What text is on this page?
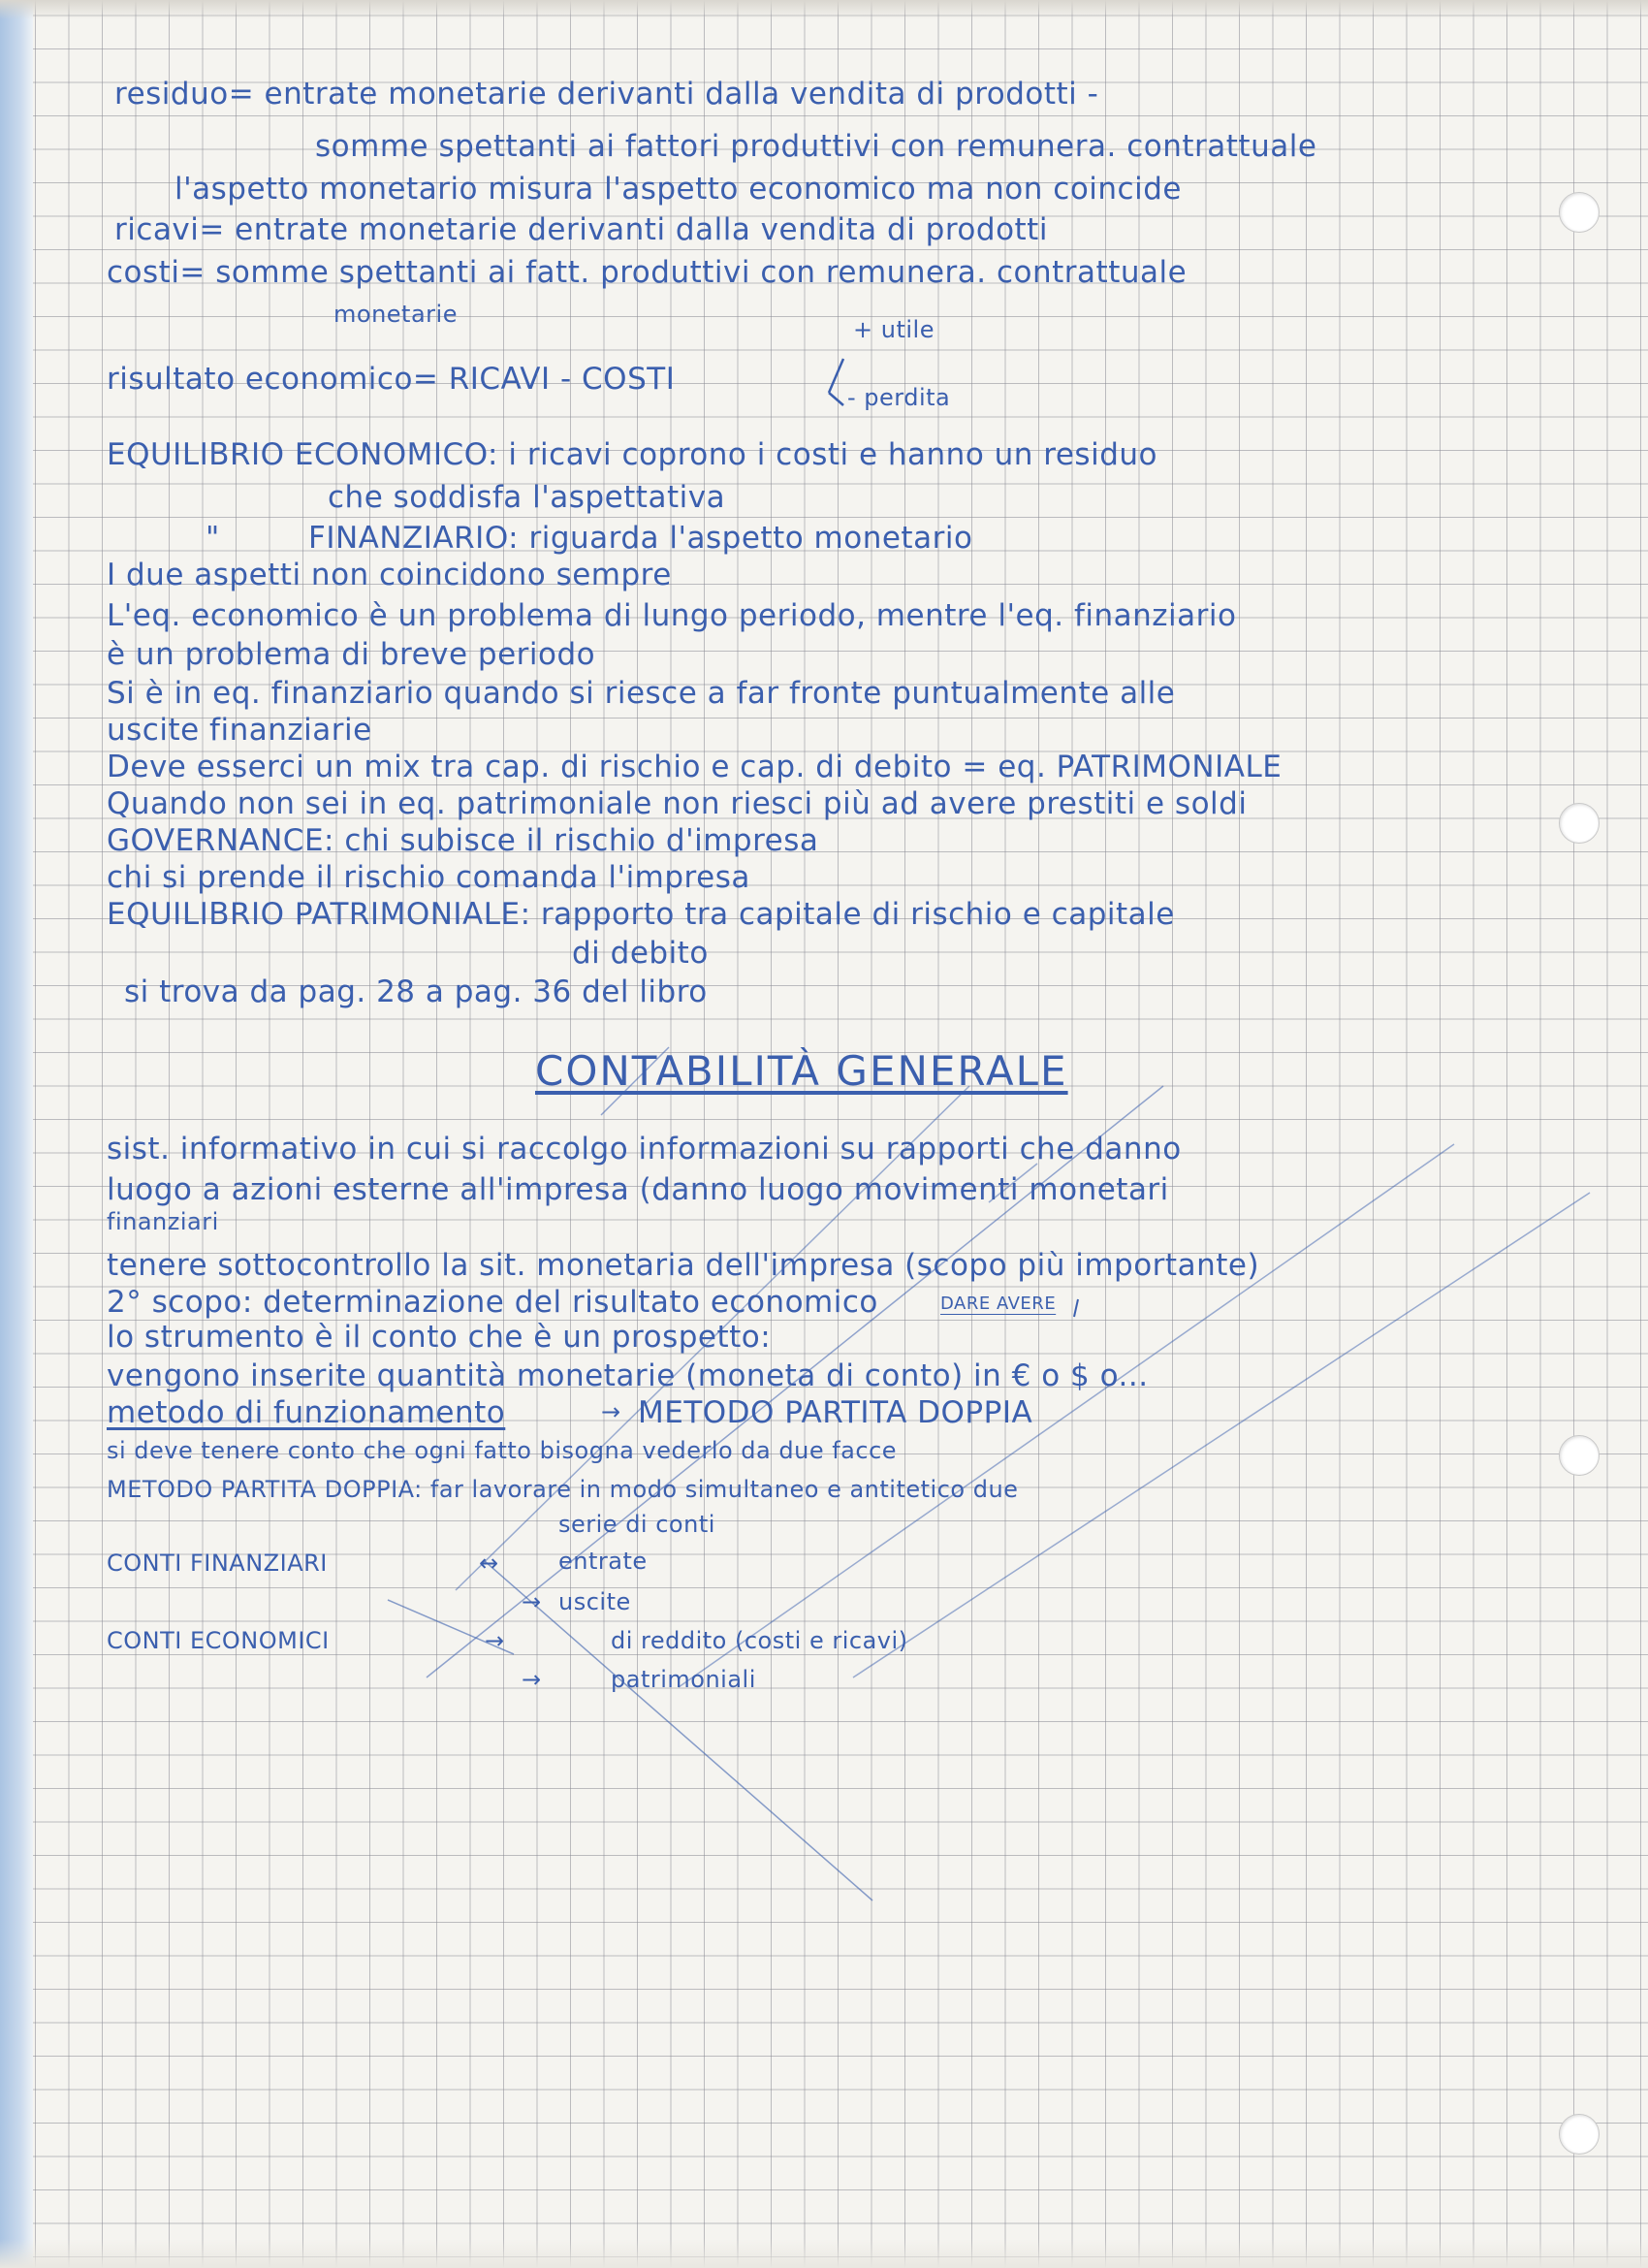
residuo= entrate monetarie derivanti dalla vendita di prodotti -
somme spettanti ai fattori produttivi con remunera. contrattuale
l'aspetto monetario misura l'aspetto economico ma non coincide
ricavi= entrate monetarie derivanti dalla vendita di prodotti
costi= somme spettanti ai fatt. produttivi con remunera. contrattuale
monetarie
+ utile
risultato economico= RICAVI - COSTI
- perdita
EQUILIBRIO ECONOMICO: i ricavi coprono i costi e hanno un residuo
che soddisfa l'aspettativa
"	FINANZIARIO: riguarda l'aspetto monetario
I due aspetti non coincidono sempre
L'eq. economico è un problema di lungo periodo, mentre l'eq. finanziario
è un problema di breve periodo
Si è in eq. finanziario quando si riesce a far fronte puntualmente alle
uscite finanziarie
Deve esserci un mix tra cap. di rischio e cap. di debito = eq. PATRIMONIALE
Quando non sei in eq. patrimoniale non riesci più ad avere prestiti e soldi
GOVERNANCE: chi subisce il rischio d'impresa
chi si prende il rischio comanda l'impresa
EQUILIBRIO PATRIMONIALE: rapporto tra capitale di rischio e capitale
di debito
si trova da pag. 28 a pag. 36 del libro
CONTABILITÀ GENERALE
sist. informativo in cui si raccolgo informazioni su rapporti che danno
luogo a azioni esterne all'impresa (danno luogo movimenti monetari
finanziari
tenere sottocontrollo la sit. monetaria dell'impresa (scopo più importante)
2° scopo: determinazione del risultato economico	DARE AVERE
lo strumento è il conto che è un prospetto:
vengono inserite quantità monetarie (moneta di conto) in € o $ o...
metodo di funzionamento	→ METODO PARTITA DOPPIA
si deve tenere conto che ogni fatto bisogna vederlo da due facce
METODO PARTITA DOPPIA: far lavorare in modo simultaneo e antitetico due
serie di conti
CONTI FINANZIARI	↔	entrate
→ uscite
CONTI ECONOMICI	→	di reddito (costi e ricavi)
→	patrimoniali
